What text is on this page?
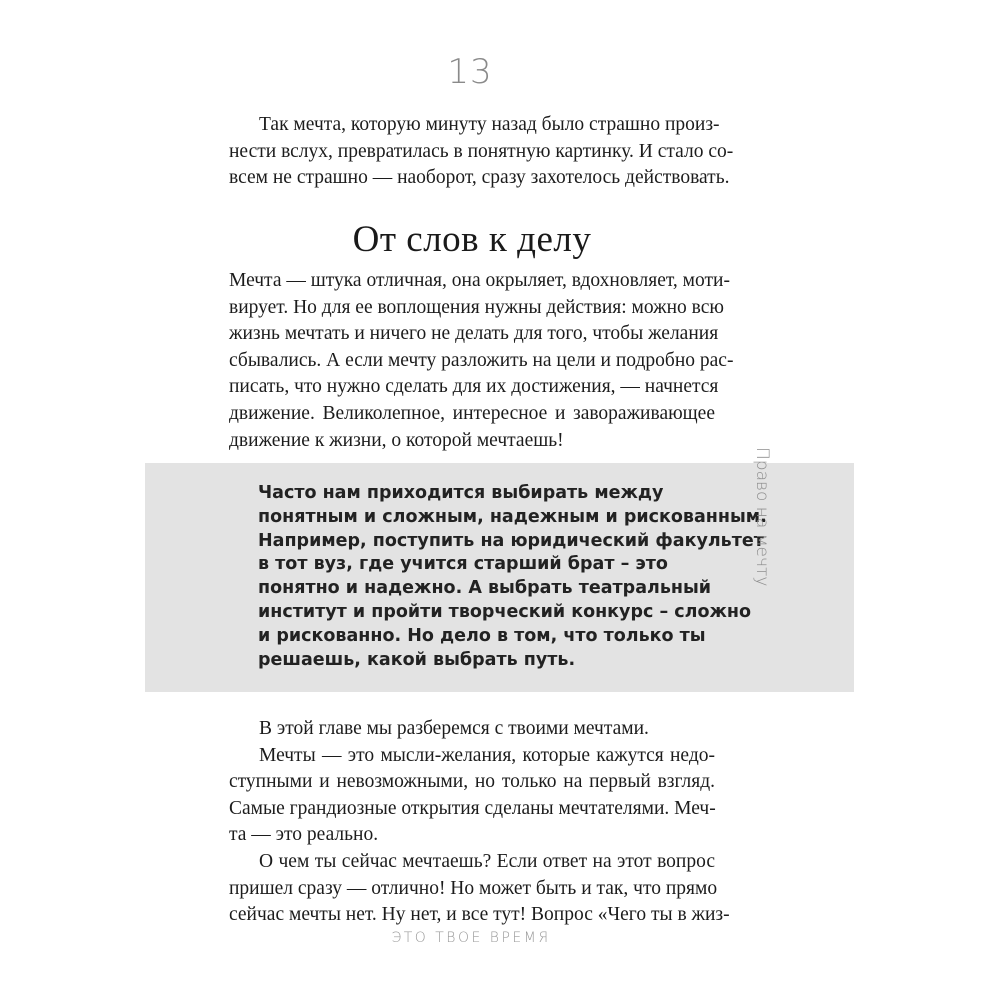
13
Так мечта, которую минуту назад было страшно произ-
нести вслух, превратилась в понятную картинку. И стало со-
всем не страшно — наоборот, сразу захотелось действовать.
От слов к делу
Мечта — штука отличная, она окрыляет, вдохновляет, моти-
вирует. Но для ее воплощения нужны действия: можно всю
жизнь мечтать и ничего не делать для того, чтобы желания
сбывались. А если мечту разложить на цели и подробно рас-
писать, что нужно сделать для их достижения, — начнется
движение. Великолепное, интересное и завораживающее
движение к жизни, о которой мечтаешь!
Часто нам приходится выбирать между
понятным и сложным, надежным и рискованным.
Например, поступить на юридический факультет
в тот вуз, где учится старший брат – это
понятно и надежно. А выбрать театральный
институт и пройти творческий конкурс – сложно
и рискованно. Но дело в том, что только ты
решаешь, какой выбрать путь.
Право на мечту
В этой главе мы разберемся с твоими мечтами.
Мечты — это мысли-желания, которые кажутся недо-
ступными и невозможными, но только на первый взгляд.
Самые грандиозные открытия сделаны мечтателями. Меч-
та — это реально.
О чем ты сейчас мечтаешь? Если ответ на этот вопрос
пришел сразу — отлично! Но может быть и так, что прямо
сейчас мечты нет. Ну нет, и все тут! Вопрос «Чего ты в жиз-
ЭТО ТВОЕ ВРЕМЯ
